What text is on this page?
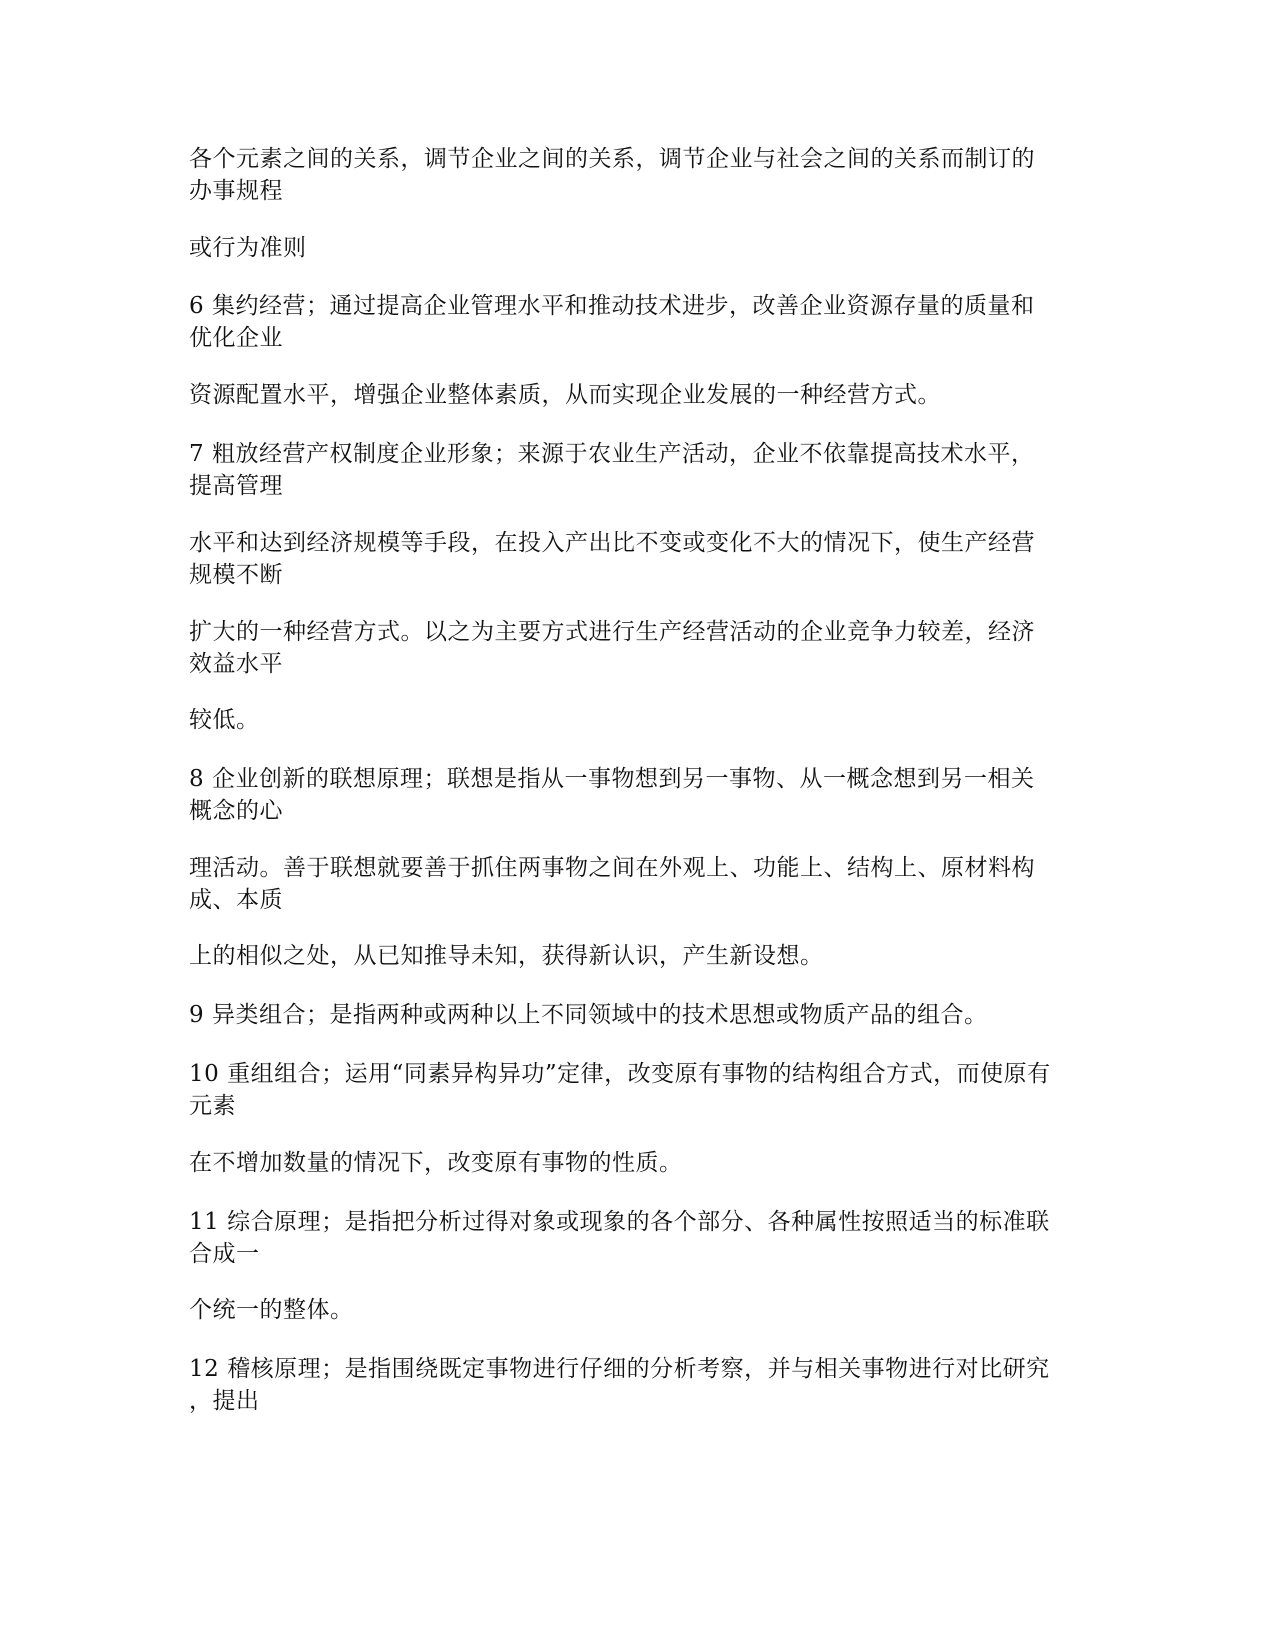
各个元素之间的关系，调节企业之间的关系，调节企业与社会之间的关系而制订的
办事规程

或行为准则

6 集约经营；通过提高企业管理水平和推动技术进步，改善企业资源存量的质量和
优化企业

资源配置水平，增强企业整体素质，从而实现企业发展的一种经营方式。

7 粗放经营产权制度企业形象；来源于农业生产活动，企业不依靠提高技术水平，
提高管理

水平和达到经济规模等手段，在投入产出比不变或变化不大的情况下，使生产经营
规模不断

扩大的一种经营方式。以之为主要方式进行生产经营活动的企业竞争力较差，经济
效益水平

较低。

8 企业创新的联想原理；联想是指从一事物想到另一事物、从一概念想到另一相关
概念的心

理活动。善于联想就要善于抓住两事物之间在外观上、功能上、结构上、原材料构
成、本质

上的相似之处，从已知推导未知，获得新认识，产生新设想。

9 异类组合；是指两种或两种以上不同领域中的技术思想或物质产品的组合。

10 重组组合；运用“同素异构异功”定律，改变原有事物的结构组合方式，而使原有
元素

在不增加数量的情况下，改变原有事物的性质。

11 综合原理；是指把分析过得对象或现象的各个部分、各种属性按照适当的标准联
合成一

个统一的整体。

12 稽核原理；是指围绕既定事物进行仔细的分析考察，并与相关事物进行对比研究
，提出
